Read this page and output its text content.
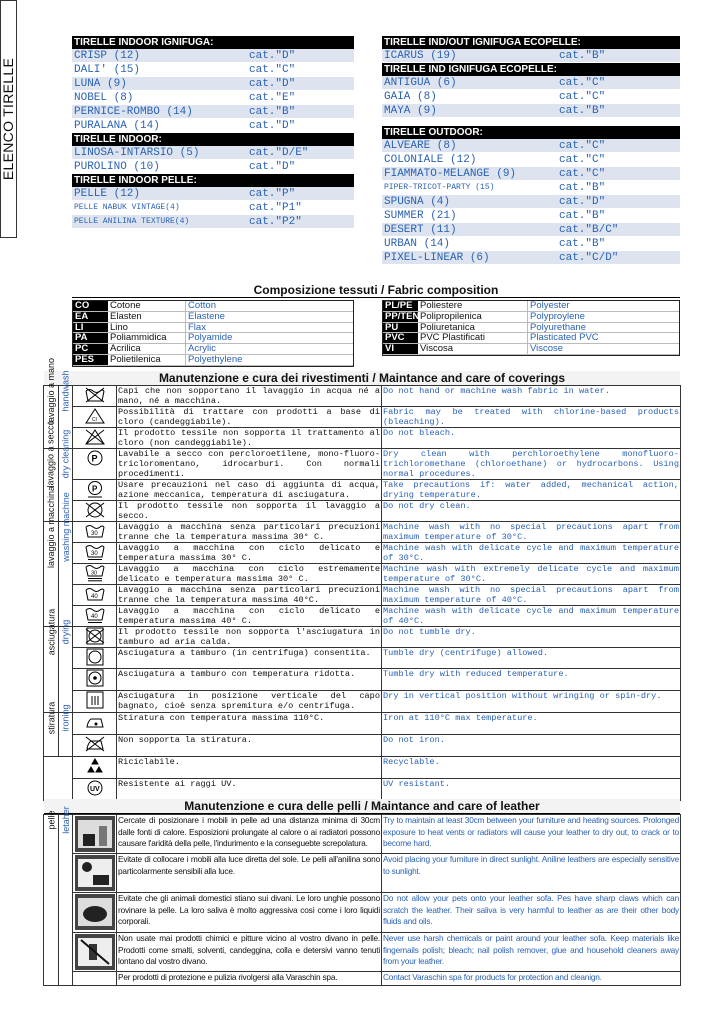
ELENCO TIRELLE
TIRELLE INDOOR IGNIFUGA:
CRISP (12)	cat."D"
DALI' (15)	cat."C"
LUNA (9)	cat."D"
NOBEL (8)	cat."E"
PERNICE-ROMBO (14)	cat."B"
PURALANA (14)	cat."D"
TIRELLE INDOOR:
LINOSA-INTARSIO (5)	cat."D/E"
PUROLINO (10)	cat."D"
TIRELLE INDOOR PELLE:
PELLE (12)	cat."P"
PELLE NABUK VINTAGE(4)	cat."P1"
PELLE ANILINA TEXTURE(4)	cat."P2"
TIRELLE IND/OUT IGNIFUGA ECOPELLE:
ICARUS (19)	cat."B"
TIRELLE IND IGNIFUGA ECOPELLE:
ANTIGUA (6)	cat."C"
GAIA (8)	cat."C"
MAYA (9)	cat."B"
TIRELLE OUTDOOR:
ALVEARE (8)	cat."C"
COLONIALE (12)	cat."C"
FIAMMATO-MELANGE (9)	cat."C"
PIPER-TRICOT-PARTY (15)	cat."B"
SPUGNA (4)	cat."D"
SUMMER (21)	cat."B"
DESERT (11)	cat."B/C"
URBAN (14)	cat."B"
PIXEL-LINEAR (6)	cat."C/D"
Composizione tessuti / Fabric composition
CO	Cotone	Cotton
EA	Elasten	Elastene
LI	Lino	Flax
PA	Poliammidica	Polyamide
PC	Acrilica	Acrylic
PES	Polietilenica	Polyethylene
PL/PE Poliestere	Polyester
PP/TEN Polipropilenica	Polyproylene
PU	Poliuretanica	Polyurethane
PVC	PVC Plastificati	Plasticated PVC
VI	Viscosa	Viscose
Manutenzione e cura dei rivestimenti / Maintance and care of coverings
lavaggio a mano	handwash		Capi che non sopportano il lavaggio in acqua né a mano, né a macchina.	Do not hand or machine wash fabric in water.

Cl	Possibilità di trattare con prodotti a base di cloro (candeggiabile).	Fabric may be treated with chlorine-based products (bleaching).

	Il prodotto tessile non sopporta il trattamento al cloro (non candeggiabile).	Do not bleach.

lavaggio a secco	dry cleaning	P	Lavabile a secco con percloroetilene, mono-fluoro-tricloromentano, idrocarburi. Con normali procedimenti.	Dry clean with perchloroethylene monofluoro-trichloromethane (chloroethane) or hydrocarbons. Using normal procedures.

P	Usare precauzioni nel caso di aggiunta di acqua, azione meccanica, temperatura di asciugatura.	Take precautions if: water added, mechanical action, drying temperature.

	Il prodotto tessile non sopporta il lavaggio a secco.	Do not dry clean.

lavaggio a macchina	washing machine	30	Lavaggio a macchina senza particolari precuzioni tranne che la temperatura massima 30° C.	Machine wash with no special precautions apart from maximum temperature of 30°C.

30	Lavaggio a macchina con ciclo delicato e temperatura massima 30° C.	Machine wash with delicate cycle and maximum temperature of 30°C.

30	Lavaggio a macchina con ciclo estremamente delicato e temperatura massima 30° C.	Machine wash with extremely delicate cycle and maximum temperature of 30°C.

40	Lavaggio a macchina senza particolari precuzioni tranne che la temperatura massima 40°C.	Machine wash with no special precautions apart from maximum temperature of 40°C.

40	Lavaggio a macchina con ciclo delicato e temperatura massima 40° C.	Machine wash with delicate cycle and maximum temperature of 40°C.

asciugatura	drying		Il prodotto tessile non sopporta l'asciugatura in tamburo ad aria calda.	Do not tumble dry.

	Asciugatura a tamburo (in centrifuga) consentita.	Tumble dry (centrifuge) allowed.

	Asciugatura a tamburo con temperatura ridotta.	Tumble dry with reduced temperature.

	Asciugatura in posizione verticale del capo bagnato, cioè senza spremitura e/o centrifuga.	Dry in vertical position without wringing or spin-dry.

stiratura	ironing		Stiratura con temperatura massima 110°C.	Iron at 110°C max temperature.

	Non sopporta la stiratura.	Do not iron.

	Riciclabile.	Recyclable.

UV	Resistente ai raggi UV.	UV resistant.
Manutenzione e cura delle pelli / Maintance and care of leather
pelle	letaher		Cercate di posizionare i mobili in pelle ad una distanza minima di 30cm dalle fonti di calore. Esposizioni prolungate al calore o ai radiatori possono causare l'aridità della pelle, l'indurimento e la conseguebte screpolatura.	Try to maintain at least 30cm between your furniture and heating sources. Prolonged exposure to heat vents or radiators will cause your leather to dry out, to crack or to become hard.

	Evitate di collocare i mobili alla luce diretta del sole. Le pelli all'anilina sono particolarmente sensibili alla luce.	Avoid placing your furniture in direct sunlight. Aniline leathers are especially sensitive to sunlight.

	Evitate che gli animali domestici stiano sui divani. Le loro unghie possono rovinare la pelle. La loro saliva è molto aggressiva così come i loro liquidi corporali.	Do not allow your pets onto your leather sofa. Pes have sharp claws which can scratch the leather. Their saliva is very harmful to leather as are their other body fluids and oils.

	Non usate mai prodotti chimici e pitture vicino al vostro divano in pelle. Prodotti come smalti, solventi, candeggina, colla e detersivi vanno tenuti lontano dal vostro divano.	Never use harsh chemicals or paint around your leather sofa. Keep materials like fingernails polish; bleach; nail polish remover, glue and household cleaners away from your leather.
			Per prodotti di protezione e pulizia rivolgersi alla Varaschin spa.	Contact Varaschin spa for products for protection and cleanign.
